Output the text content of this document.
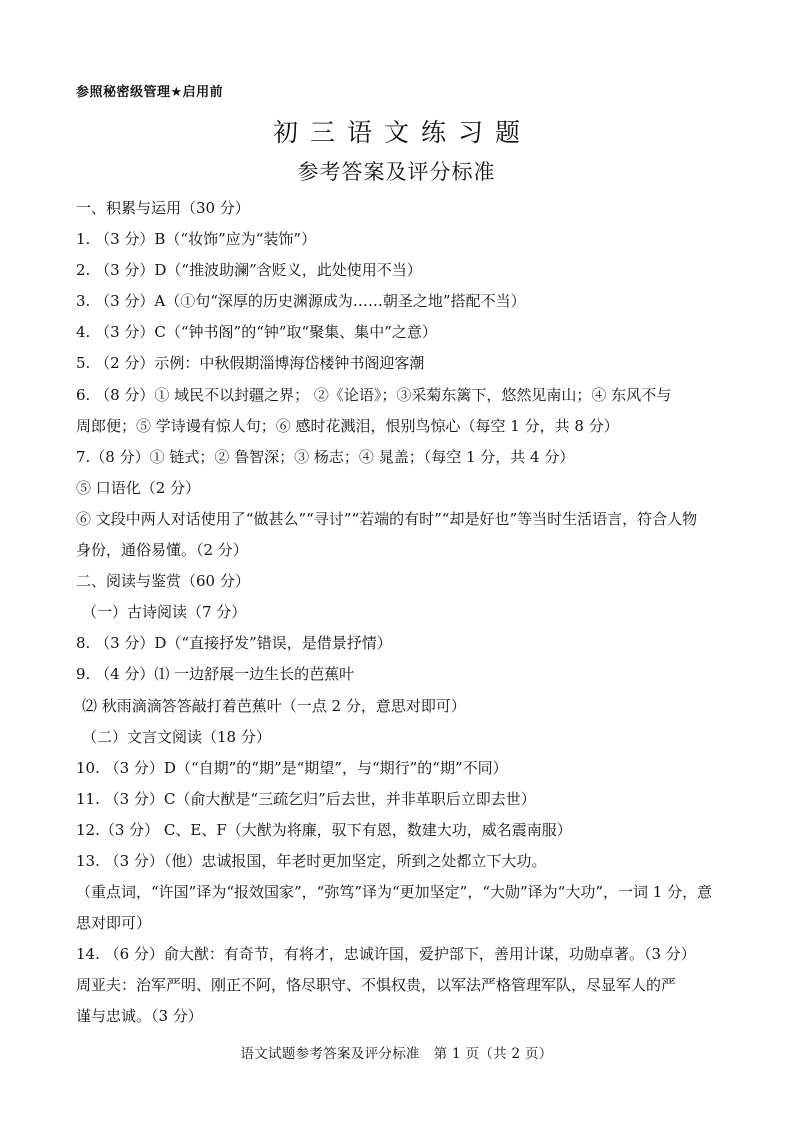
参照秘密级管理★启用前
初三语文练习题
参考答案及评分标准
一、积累与运用（30 分）
1. （3 分）B（“妆饰”应为“装饰”）
2. （3 分）D（“推波助澜”含贬义，此处使用不当）
3. （3 分）A（①句“深厚的历史渊源成为……朝圣之地”搭配不当）
4. （3 分）C（“钟书阁”的“钟”取“聚集、集中”之意）
5. （2 分）示例：中秋假期淄博海岱楼钟书阁迎客潮
6. （8 分）① 域民不以封疆之界； ②《论语》；③采菊东篱下，悠然见南山；④ 东风不与
周郎便；⑤ 学诗谩有惊人句；⑥ 感时花溅泪，恨别鸟惊心（每空 1 分，共 8 分）
7.（8 分）① 链式；② 鲁智深；③ 杨志；④ 晁盖；（每空 1 分，共 4 分）
⑤ 口语化（2 分）
⑥ 文段中两人对话使用了“做甚么”“寻讨”“若端的有时”“却是好也”等当时生活语言，符合人物
身份，通俗易懂。（2 分）
二、阅读与鉴赏（60 分）
（一）古诗阅读（7 分）
8. （3 分）D（“直接抒发”错误，是借景抒情）
9. （4 分）⑴ 一边舒展一边生长的芭蕉叶
⑵ 秋雨滴滴答答敲打着芭蕉叶（一点 2 分，意思对即可）
（二）文言文阅读（18 分）
10. （3 分）D（“自期”的“期”是“期望”，与“期行”的“期”不同）
11. （3 分）C（俞大猷是“三疏乞归”后去世，并非革职后立即去世）
12.（3 分） C、E、F（大猷为将廉，驭下有恩，数建大功，威名震南服）
13. （3 分）（他）忠诚报国，年老时更加坚定，所到之处都立下大功。
（重点词，“许国”译为“报效国家”，“弥笃”译为“更加坚定”，“大勋”译为“大功”，一词 1 分，意
思对即可）
14. （6 分）俞大猷：有奇节，有将才，忠诚许国，爱护部下，善用计谋，功勋卓著。（3 分）
周亚夫：治军严明、刚正不阿，恪尽职守、不惧权贵，以军法严格管理军队，尽显军人的严
谨与忠诚。（3 分）
语文试题参考答案及评分标准　第 1 页（共 2 页）
